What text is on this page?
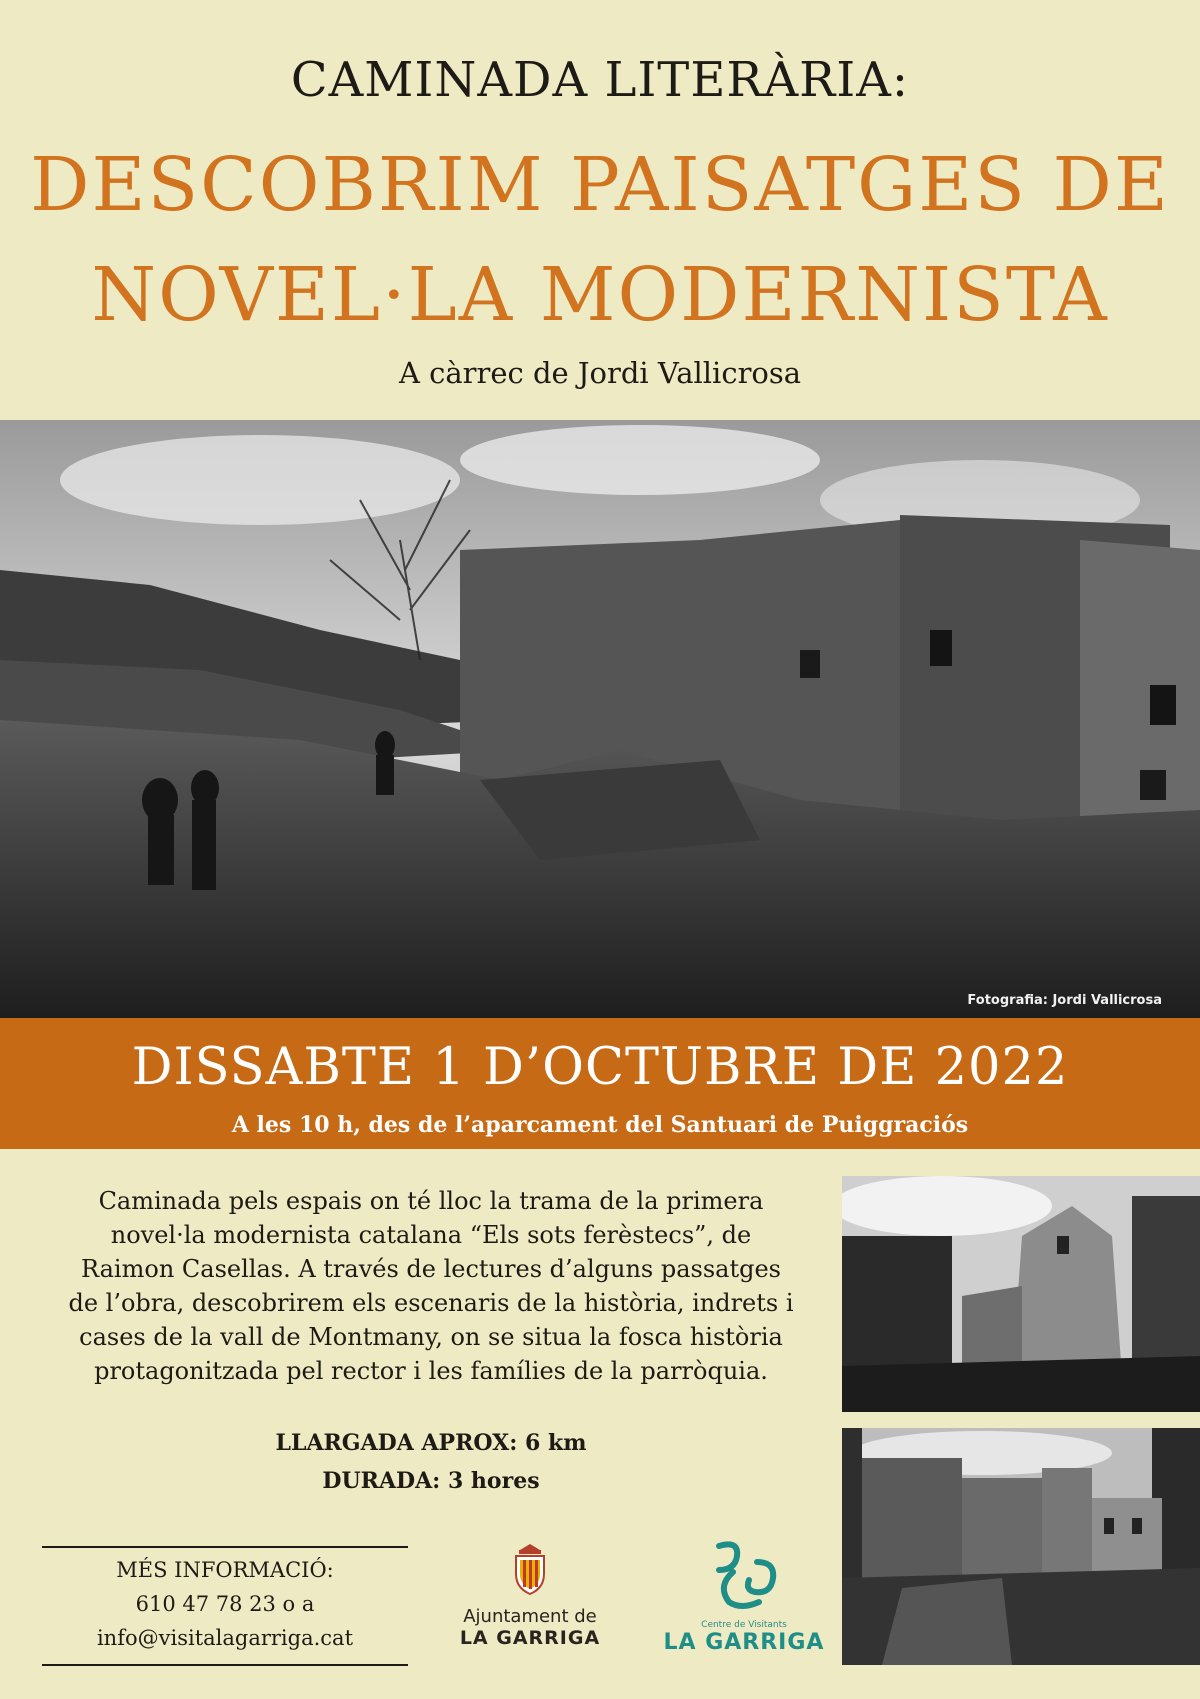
CAMINADA LITERÀRIA:
DESCOBRIM PAISATGES DE
NOVEL·LA MODERNISTA
A càrrec de Jordi Vallicrosa
Fotografia: Jordi Vallicrosa
DISSABTE 1 D’OCTUBRE DE 2022
A les 10 h, des de l’aparcament del Santuari de Puiggraciós
Caminada pels espais on té lloc la trama de la primera
novel·la modernista catalana “Els sots ferèstecs”, de
Raimon Casellas. A través de lectures d’alguns passatges
de l’obra, descobrirem els escenaris de la història, indrets i
cases de la vall de Montmany, on se situa la fosca història
protagonitzada pel rector i les famílies de la parròquia.
LLARGADA APROX: 6 km
DURADA: 3 hores
MÉS INFORMACIÓ:
610 47 78 23 o a
info@visitalagarriga.cat
Ajuntament de
LA GARRIGA
Centre de Visitants
LA GARRIGA
